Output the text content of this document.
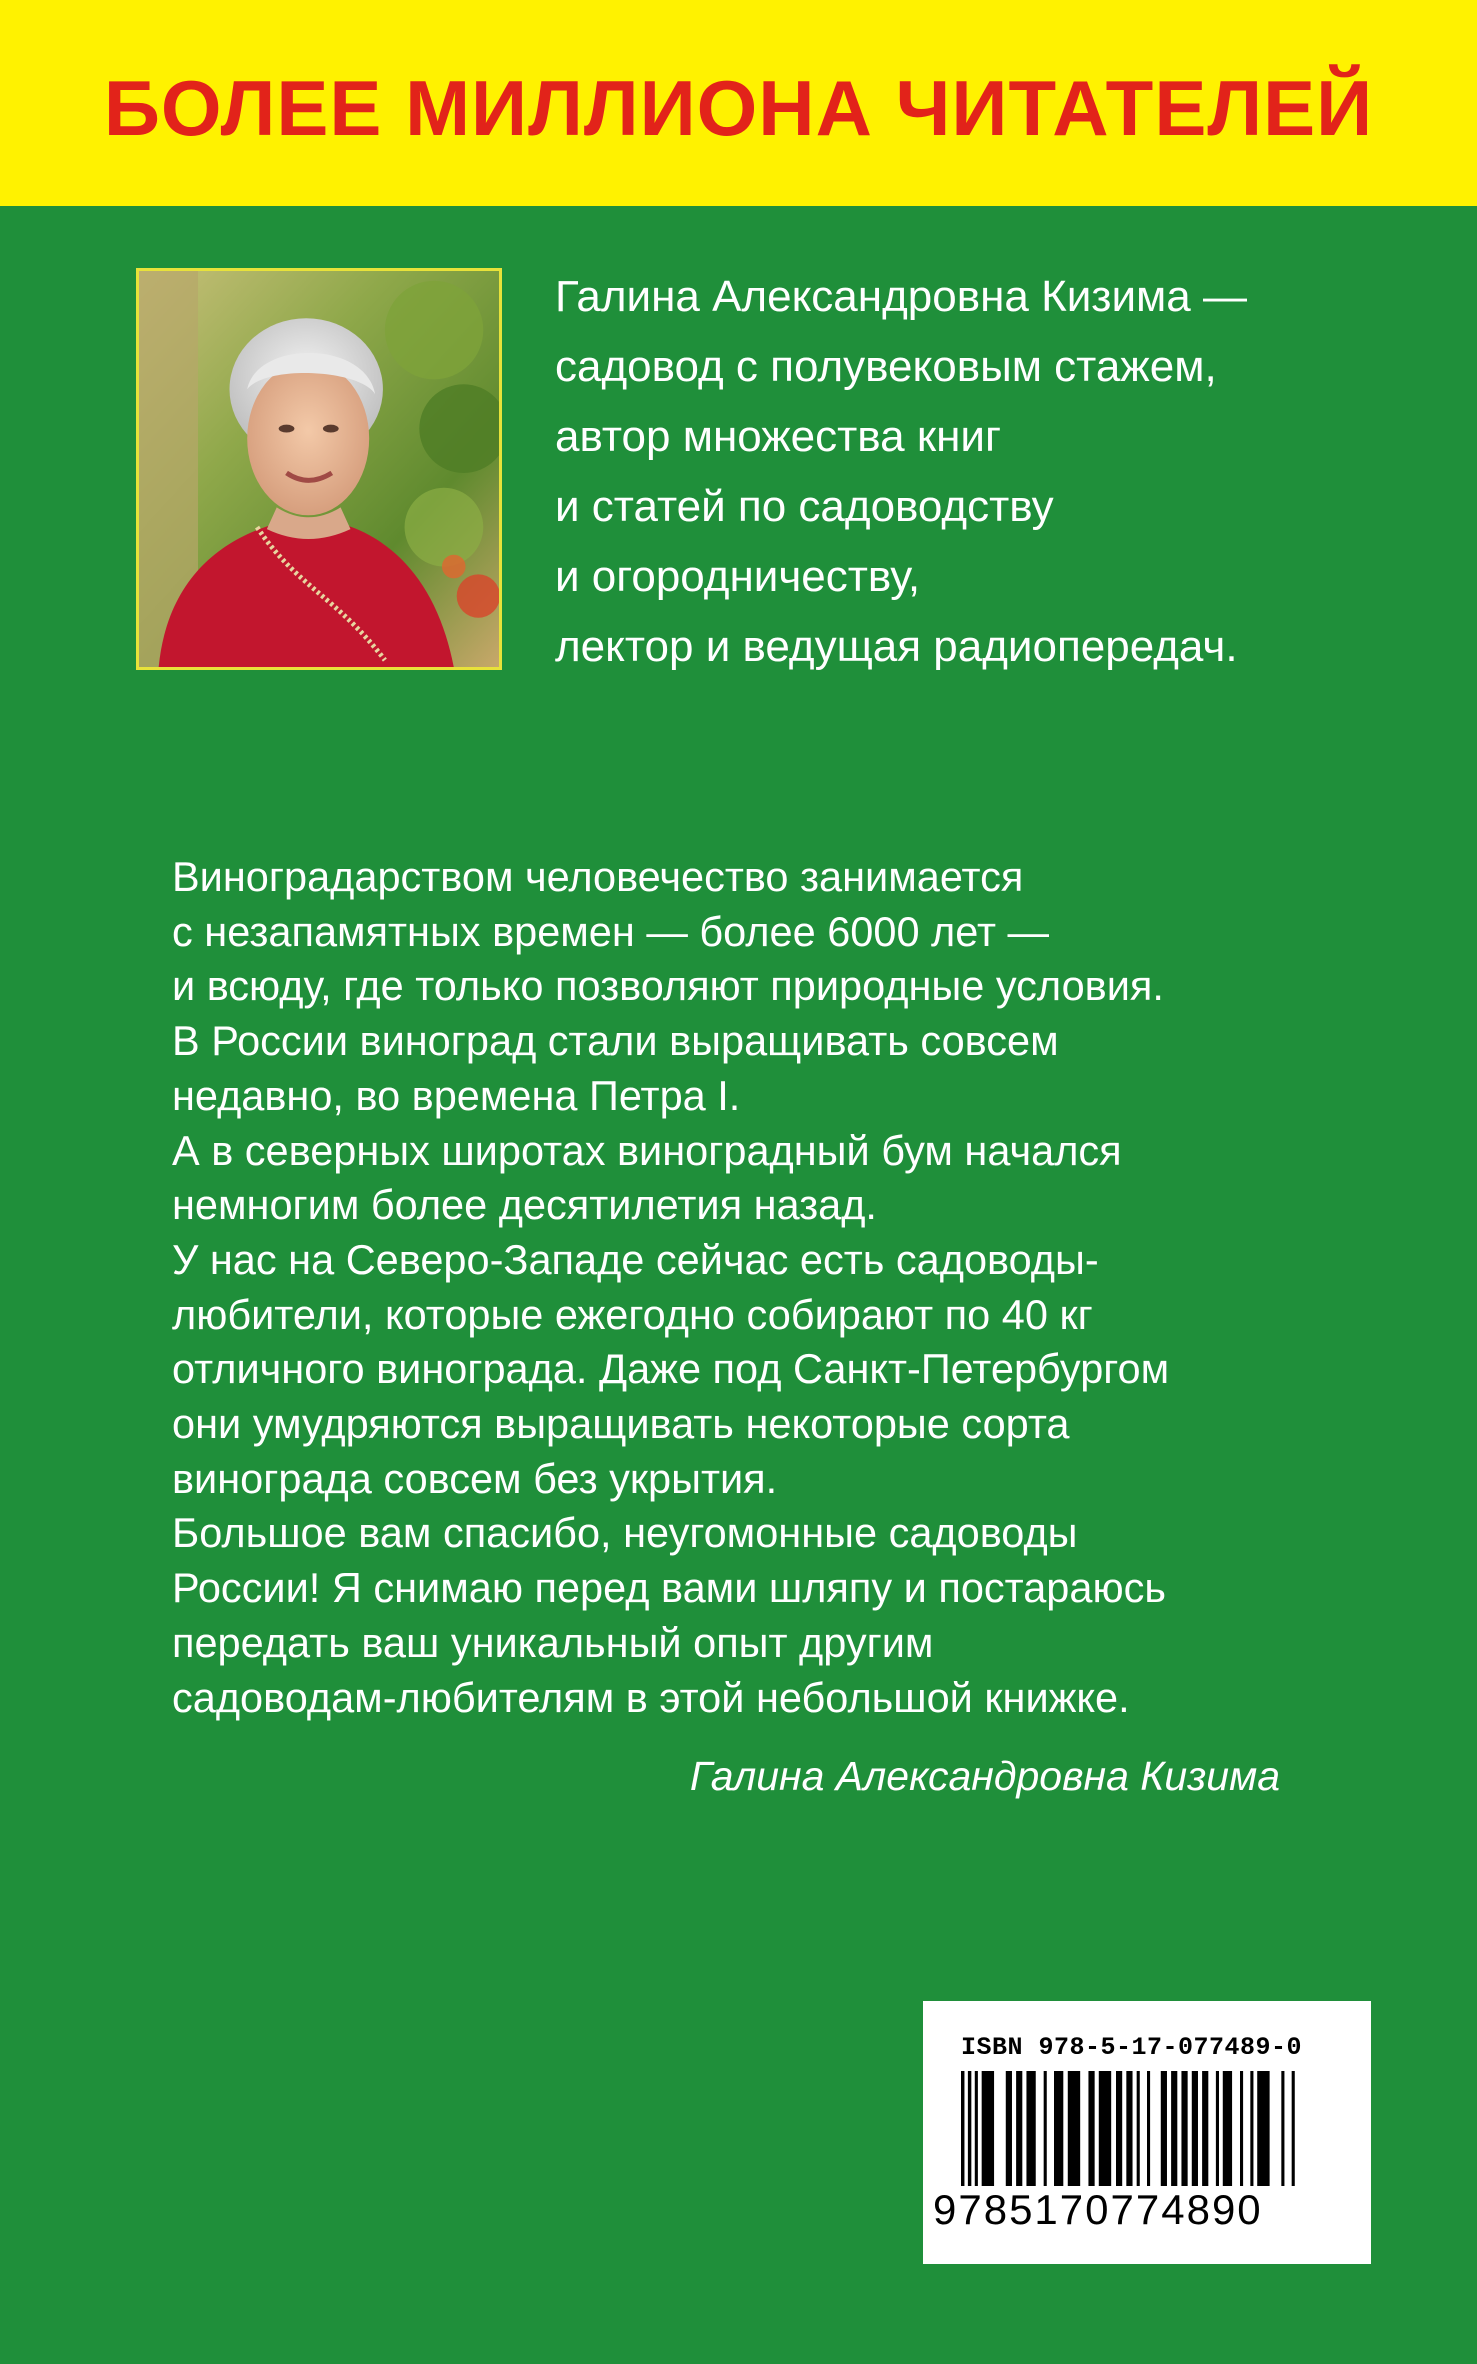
БОЛЕЕ МИЛЛИОНА ЧИТАТЕЛЕЙ
Галина Александровна Кизима —
садовод с полувековым стажем,
автор множества книг
и статей по садоводству
и огородничеству,
лектор и ведущая радиопередач.
Виноградарством человечество занимается
с незапамятных времен — более 6000 лет —
и всюду, где только позволяют природные условия.
В России виноград стали выращивать совсем
недавно, во времена Петра I.
А в северных широтах виноградный бум начался
немногим более десятилетия назад.
У нас на Северо-Западе сейчас есть садоводы-
любители, которые ежегодно собирают по 40 кг
отличного винограда. Даже под Санкт-Петербургом
они умудряются выращивать некоторые сорта
винограда совсем без укрытия.
Большое вам спасибо, неугомонные садоводы
России! Я снимаю перед вами шляпу и постараюсь
передать ваш уникальный опыт другим
садоводам-любителям в этой небольшой книжке.
Галина Александровна Кизима
ISBN 978-5-17-077489-0
9785170774890
